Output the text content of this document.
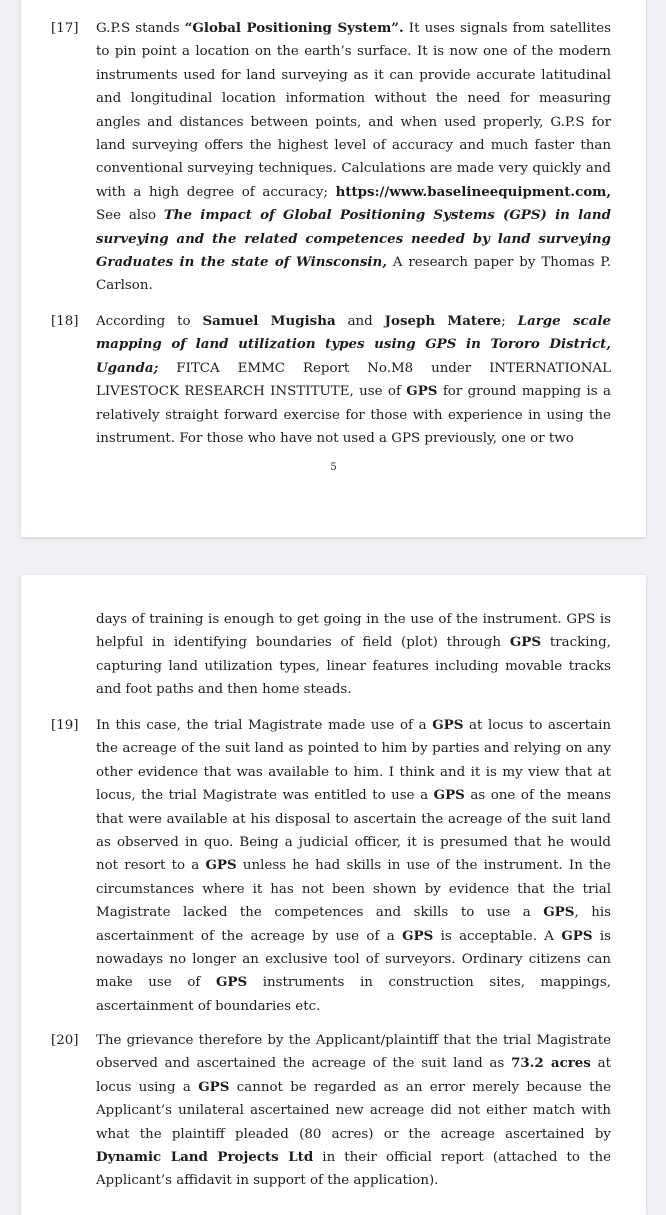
[17]	G.P.S stands “Global Positioning System”. It uses signals from satellites to pin point a location on the earth’s surface. It is now one of the modern instruments used for land surveying as it can provide accurate latitudinal and longitudinal location information without the need for measuring angles and distances between points, and when used properly, G.P.S for land surveying offers the highest level of accuracy and much faster than conventional surveying techniques. Calculations are made very quickly and with a high degree of accuracy; https://www.baselineequipment.com, See also The impact of Global Positioning Systems (GPS) in land surveying and the related competences needed by land surveying Graduates in the state of Winsconsin, A research paper by Thomas P. Carlson.
[18]	According to Samuel Mugisha and Joseph Matere; Large scale mapping of land utilization types using GPS in Tororo District, Uganda; FITCA EMMC Report No.M8 under INTERNATIONAL LIVESTOCK RESEARCH INSTITUTE, use of GPS for ground mapping is a relatively straight forward exercise for those with experience in using the instrument. For those who have not used a GPS previously, one or two
5
days of training is enough to get going in the use of the instrument. GPS is helpful in identifying boundaries of field (plot) through GPS tracking, capturing land utilization types, linear features including movable tracks and foot paths and then home steads.
[19]	In this case, the trial Magistrate made use of a GPS at locus to ascertain the acreage of the suit land as pointed to him by parties and relying on any other evidence that was available to him. I think and it is my view that at locus, the trial Magistrate was entitled to use a GPS as one of the means that were available at his disposal to ascertain the acreage of the suit land as observed in quo. Being a judicial officer, it is presumed that he would not resort to a GPS unless he had skills in use of the instrument. In the circumstances where it has not been shown by evidence that the trial Magistrate lacked the competences and skills to use a GPS, his ascertainment of the acreage by use of a GPS is acceptable. A GPS is nowadays no longer an exclusive tool of surveyors. Ordinary citizens can make use of GPS instruments in construction sites, mappings, ascertainment of boundaries etc.
[20]	The grievance therefore by the Applicant/plaintiff that the trial Magistrate observed and ascertained the acreage of the suit land as 73.2 acres at locus using a GPS cannot be regarded as an error merely because the Applicant’s unilateral ascertained new acreage did not either match with what the plaintiff pleaded (80 acres) or the acreage ascertained by Dynamic Land Projects Ltd in their official report (attached to the Applicant’s affidavit in support of the application).
